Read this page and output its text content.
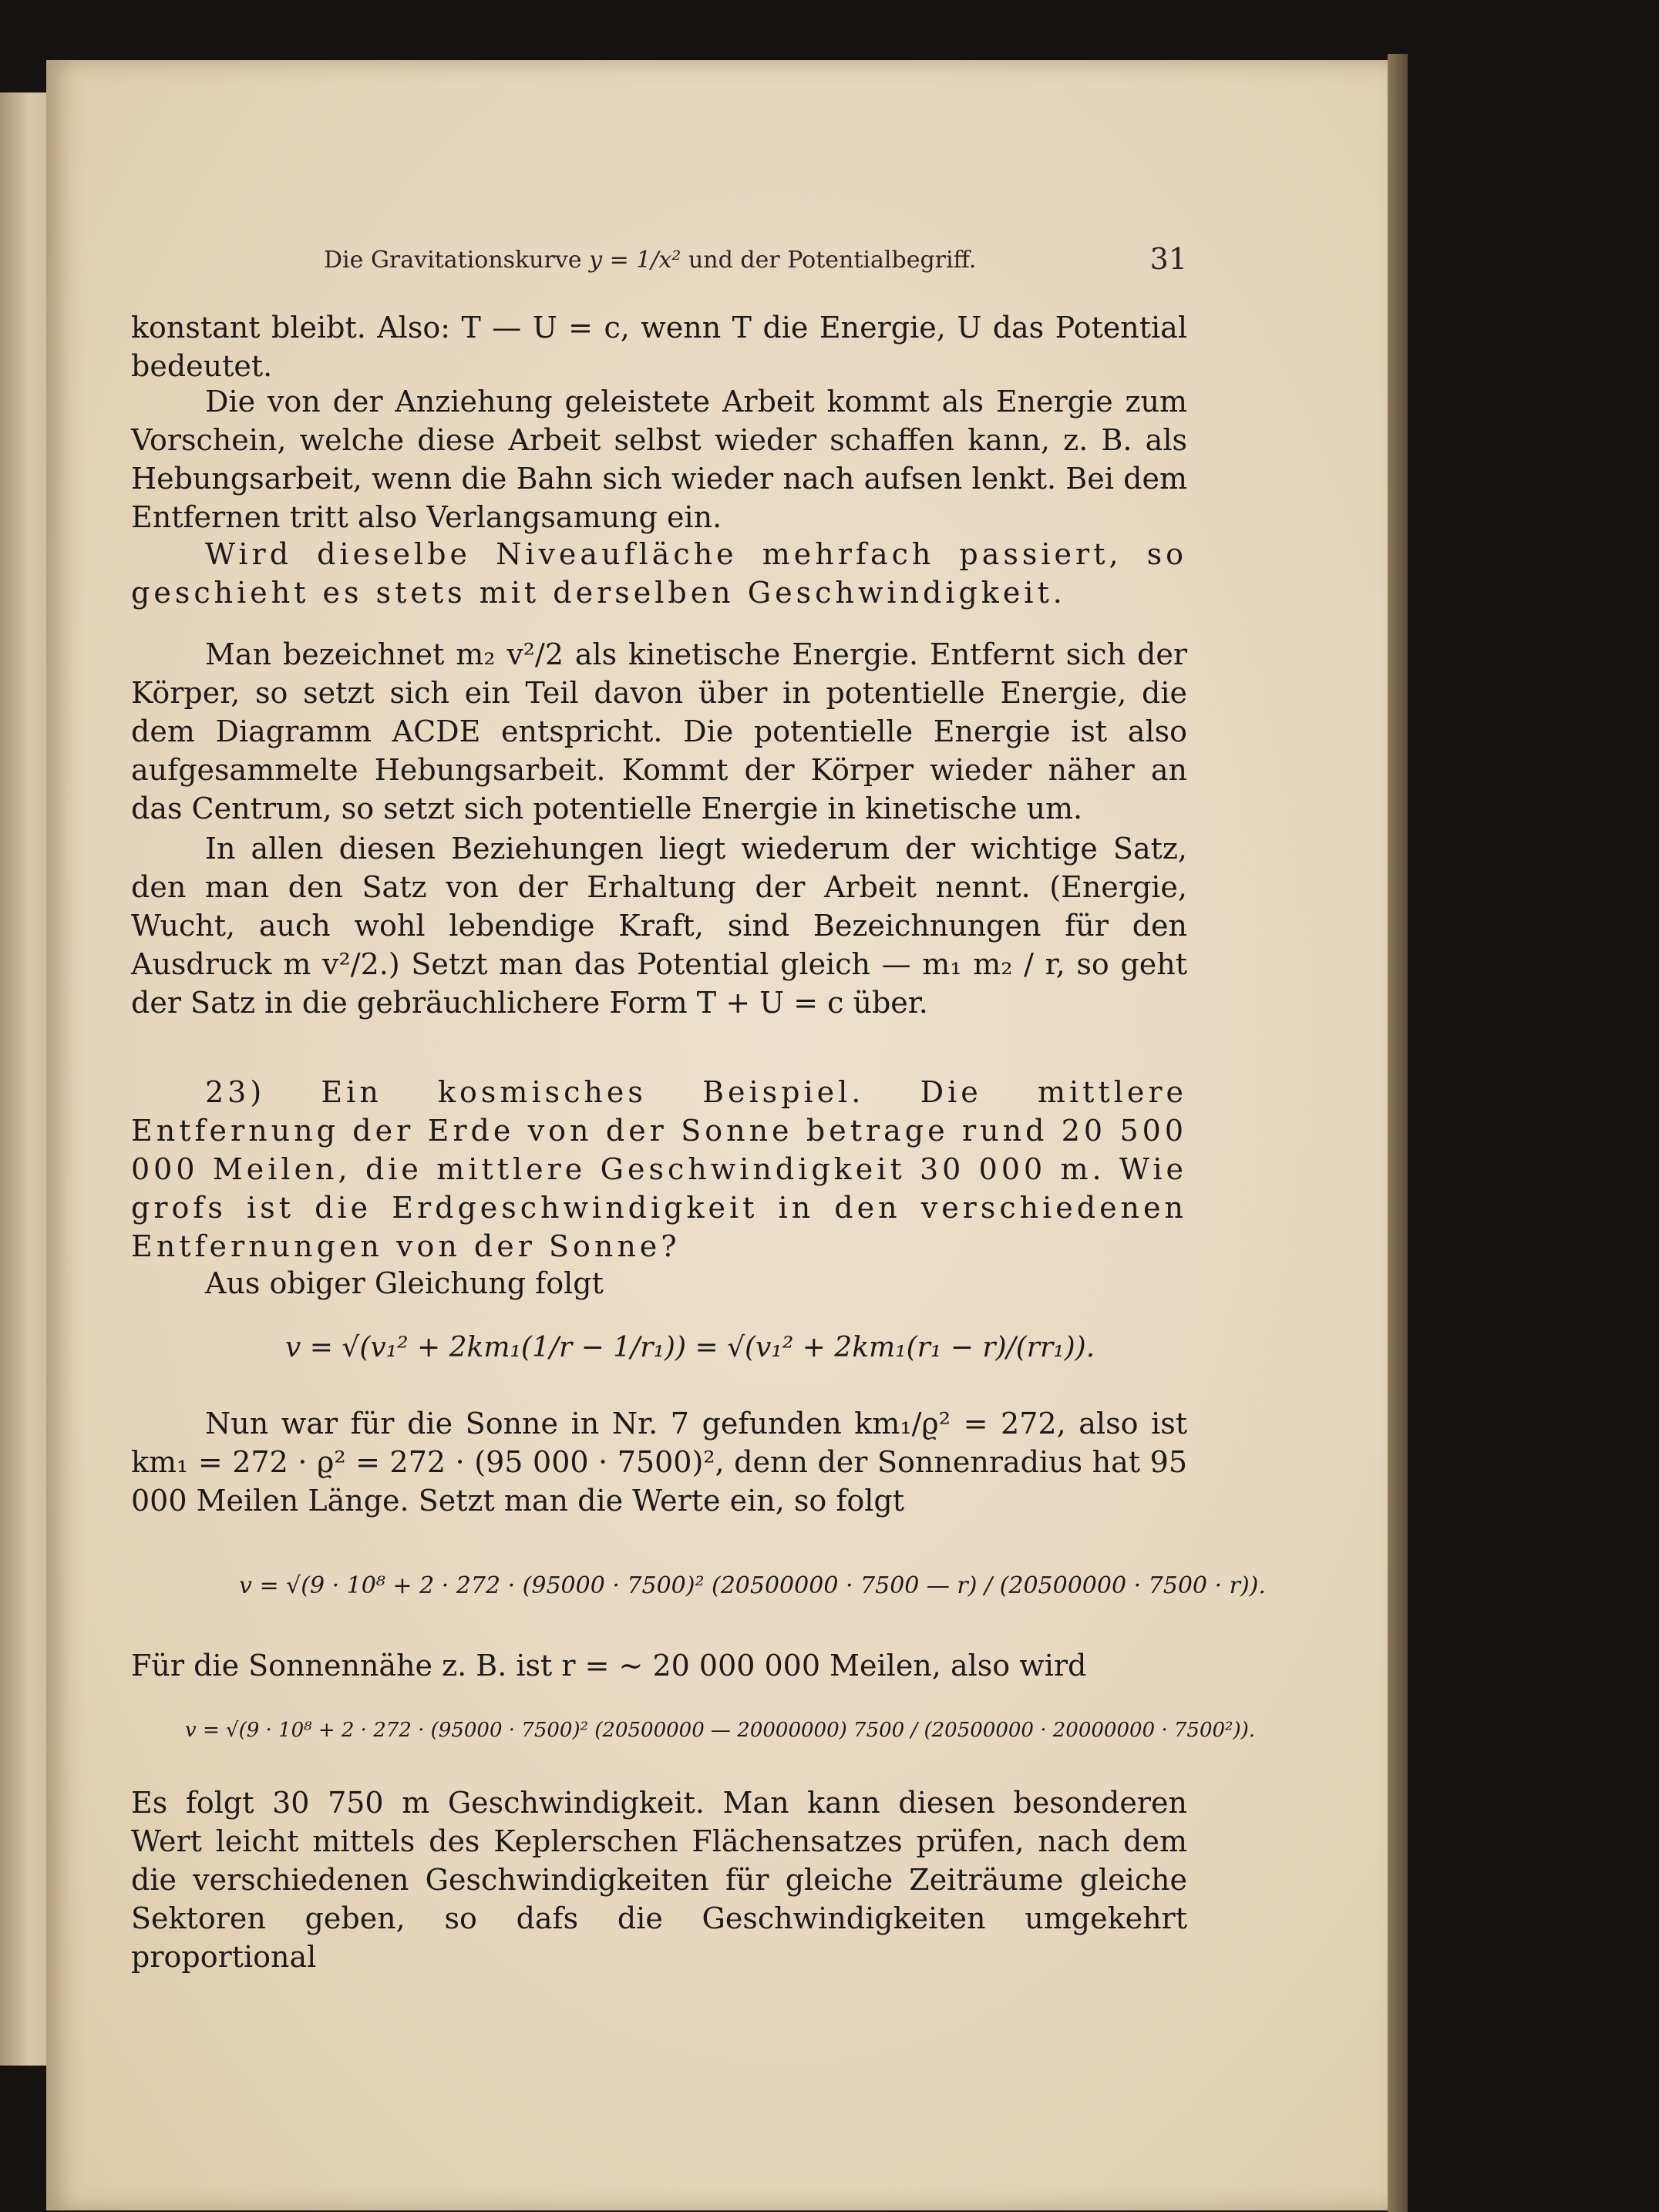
Die Gravitationskurve y = 1/x² und der Potentialbegriff.	31
konstant bleibt. Also: T — U = c, wenn T die Energie, U das Potential bedeutet.
Die von der Anziehung geleistete Arbeit kommt als Energie zum Vorschein, welche diese Arbeit selbst wieder schaffen kann, z. B. als Hebungsarbeit, wenn die Bahn sich wieder nach aufsen lenkt. Bei dem Entfernen tritt also Verlangsamung ein.
Wird dieselbe Niveaufläche mehrfach passiert, so geschieht es stets mit derselben Geschwindigkeit.
Man bezeichnet m₂ v²/2 als kinetische Energie. Entfernt sich der Körper, so setzt sich ein Teil davon über in potentielle Energie, die dem Diagramm ACDE entspricht. Die potentielle Energie ist also aufgesammelte Hebungsarbeit. Kommt der Körper wieder näher an das Centrum, so setzt sich potentielle Energie in kinetische um.
In allen diesen Beziehungen liegt wiederum der wichtige Satz, den man den Satz von der Erhaltung der Arbeit nennt. (Energie, Wucht, auch wohl lebendige Kraft, sind Bezeichnungen für den Ausdruck m v²/2.) Setzt man das Potential gleich — m₁ m₂ / r, so geht der Satz in die gebräuchlichere Form T + U = c über.
23) Ein kosmisches Beispiel. Die mittlere Entfernung der Erde von der Sonne betrage rund 20 500 000 Meilen, die mittlere Geschwindigkeit 30 000 m. Wie grofs ist die Erdgeschwindigkeit in den verschiedenen Entfernungen von der Sonne?
Aus obiger Gleichung folgt
v = √(v₁² + 2km₁(1/r − 1/r₁)) = √(v₁² + 2km₁(r₁ − r)/(rr₁)).
Nun war für die Sonne in Nr. 7 gefunden km₁/ϱ² = 272, also ist km₁ = 272 · ϱ² = 272 · (95 000 · 7500)², denn der Sonnenradius hat 95 000 Meilen Länge. Setzt man die Werte ein, so folgt
v = √(9 · 10⁸ + 2 · 272 · (95000 · 7500)² (20500000 · 7500 — r) / (20500000 · 7500 · r)).
Für die Sonnennähe z. B. ist r = ∼ 20 000 000 Meilen, also wird
v = √(9 · 10⁸ + 2 · 272 · (95000 · 7500)² (20500000 — 20000000) 7500 / (20500000 · 20000000 · 7500²)).
Es folgt 30 750 m Geschwindigkeit. Man kann diesen besonderen Wert leicht mittels des Keplerschen Flächensatzes prüfen, nach dem die verschiedenen Geschwindigkeiten für gleiche Zeiträume gleiche Sektoren geben, so dafs die Geschwindigkeiten umgekehrt proportional
